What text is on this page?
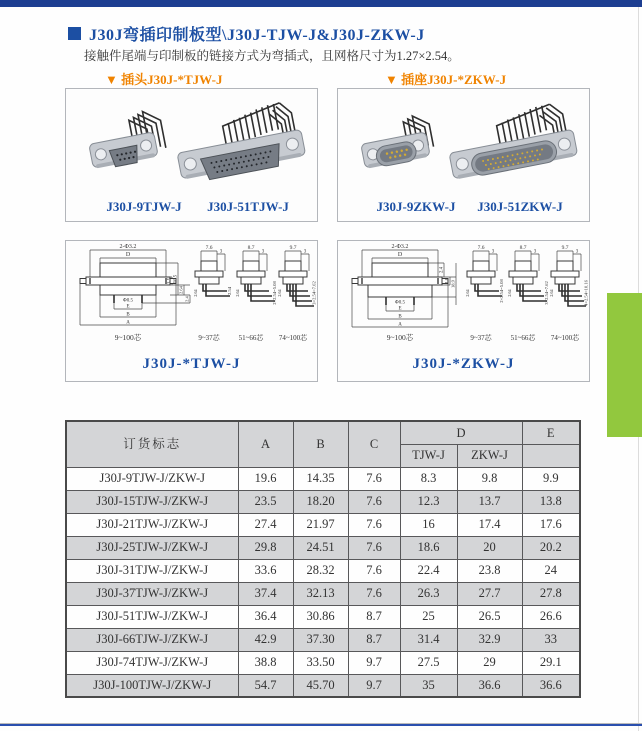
J30J弯插印制板型\J30J-TJW-J&J30J-ZKW-J
接触件尾端与印制板的链接方式为弯插式，且网格尺寸为1.27×2.54。
▼ 插头J30J-*TJW-J	▼ 插座J30J-*ZKW-J
J30J-9TJW-J	J30J-51TJW-J	J30J-9ZKW-J	J30J-51ZKW-J
2-Φ3.2
D
Φ0.5
E
B
A
3.5 16.5
2.64
2.4
9~100芯
7.6
3
2.64	2.54
9~37芯
8.7
3
2.64	2×2.54=5.08
51~66芯
9.7
3
2.64	3×2.54=7.62
74~100芯
J30J-*TJW-J
2-Φ3.2
D
Φ0.5
E
B
A
2.4
4.8 18.9
9~100芯
7.6
3
2.64	2×2.54=5.08
9~37芯
8.7
3
2.64	3×2.54=7.62
51~66芯
9.7
3
2.64	4×2.54=10.16
74~100芯
J30J-*ZKW-J
订货标志	A	B	C	D		E
				TJW-J	ZKW-J	
J30J-9TJW-J/ZKW-J	19.6	14.35	7.6	8.3	9.8	9.9
J30J-15TJW-J/ZKW-J	23.5	18.20	7.6	12.3	13.7	13.8
J30J-21TJW-J/ZKW-J	27.4	21.97	7.6	16	17.4	17.6
J30J-25TJW-J/ZKW-J	29.8	24.51	7.6	18.6	20	20.2
J30J-31TJW-J/ZKW-J	33.6	28.32	7.6	22.4	23.8	24
J30J-37TJW-J/ZKW-J	37.4	32.13	7.6	26.3	27.7	27.8
J30J-51TJW-J/ZKW-J	36.4	30.86	8.7	25	26.5	26.6
J30J-66TJW-J/ZKW-J	42.9	37.30	8.7	31.4	32.9	33
J30J-74TJW-J/ZKW-J	38.8	33.50	9.7	27.5	29	29.1
J30J-100TJW-J/ZKW-J	54.7	45.70	9.7	35	36.6	36.6
